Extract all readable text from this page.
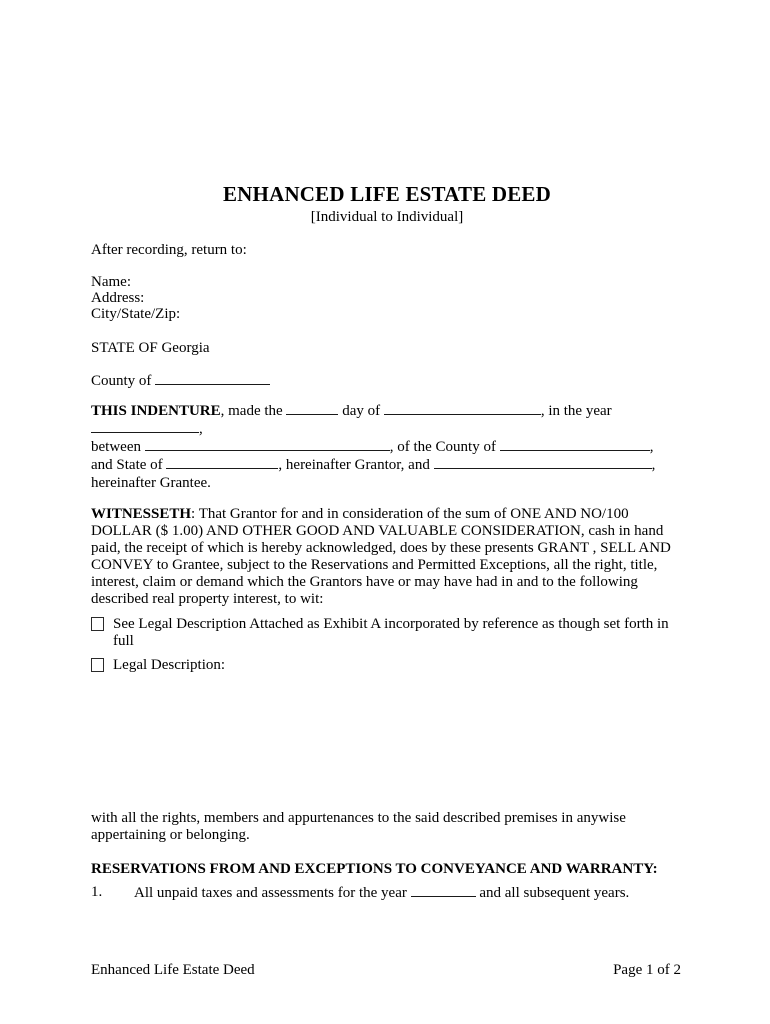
ENHANCED LIFE ESTATE DEED
[Individual to Individual]
After recording, return to:
Name:
Address:
City/State/Zip:
STATE OF Georgia
County of
THIS INDENTURE, made the	day of	, in the year ,
between	, of the County of	,
and State of	, hereinafter Grantor, and	,
hereinafter Grantee.
WITNESSETH: That Grantor for and in consideration of the sum of ONE AND NO/100 DOLLAR ($ 1.00) AND OTHER GOOD AND VALUABLE CONSIDERATION, cash in hand paid, the receipt of which is hereby acknowledged, does by these presents GRANT , SELL AND CONVEY to Grantee, subject to the Reservations and Permitted Exceptions, all the right, title, interest, claim or demand which the Grantors have or may have had in and to the following described real property interest, to wit:
See Legal Description Attached as Exhibit A incorporated by reference as though set forth in full
Legal Description:
with all the rights, members and appurtenances to the said described premises in anywise appertaining or belonging.
RESERVATIONS FROM AND EXCEPTIONS TO CONVEYANCE AND WARRANTY:
1.	All unpaid taxes and assessments for the year	and all subsequent years.
Enhanced Life Estate Deed	Page 1 of 2
